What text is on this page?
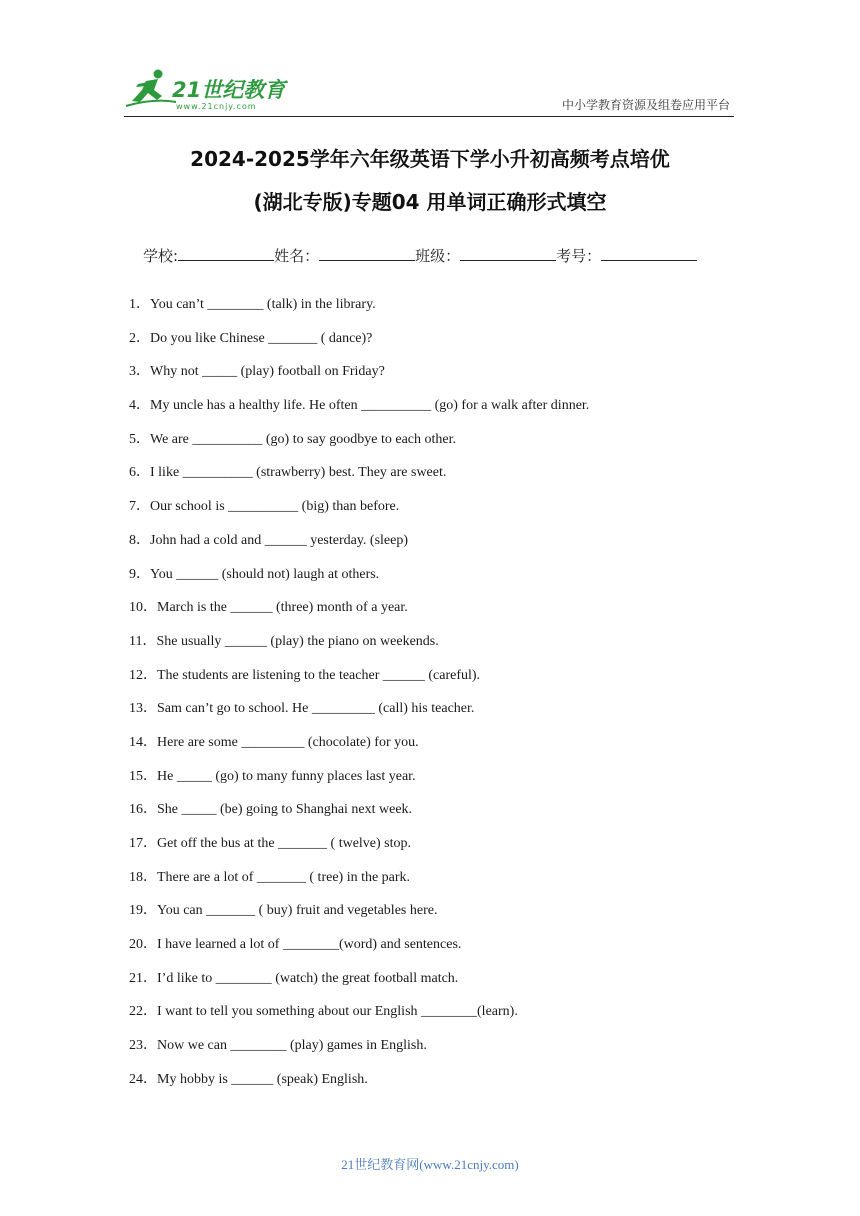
21世纪教育
www.21cnjy.com	中小学教育资源及组卷应用平台
2024-2025学年六年级英语下学小升初高频考点培优
(湖北专版)专题04 用单词正确形式填空
学校:	姓名：	班级：	考号：
1．You can’t ________ (talk) in the library.
2．Do you like Chinese _______ ( dance)?
3．Why not _____ (play) football on Friday?
4．My uncle has a healthy life. He often __________ (go) for a walk after dinner.
5．We are __________ (go) to say goodbye to each other.
6．I like __________ (strawberry) best. They are sweet.
7．Our school is __________ (big) than before.
8．John had a cold and ______ yesterday. (sleep)
9．You ______ (should not) laugh at others.
10．March is the ______ (three) month of a year.
11．She usually ______ (play) the piano on weekends.
12．The students are listening to the teacher ______ (careful).
13．Sam can’t go to school. He _________ (call) his teacher.
14．Here are some _________ (chocolate) for you.
15．He _____ (go) to many funny places last year.
16．She _____ (be) going to Shanghai next week.
17．Get off the bus at the _______ ( twelve) stop.
18．There are a lot of _______ ( tree) in the park.
19．You can _______ ( buy) fruit and vegetables here.
20．I have learned a lot of ________(word) and sentences.
21．I’d like to ________ (watch) the great football match.
22．I want to tell you something about our English ________(learn).
23．Now we can ________ (play) games in English.
24．My hobby is ______ (speak) English.
21世纪教育网(www.21cnjy.com)
